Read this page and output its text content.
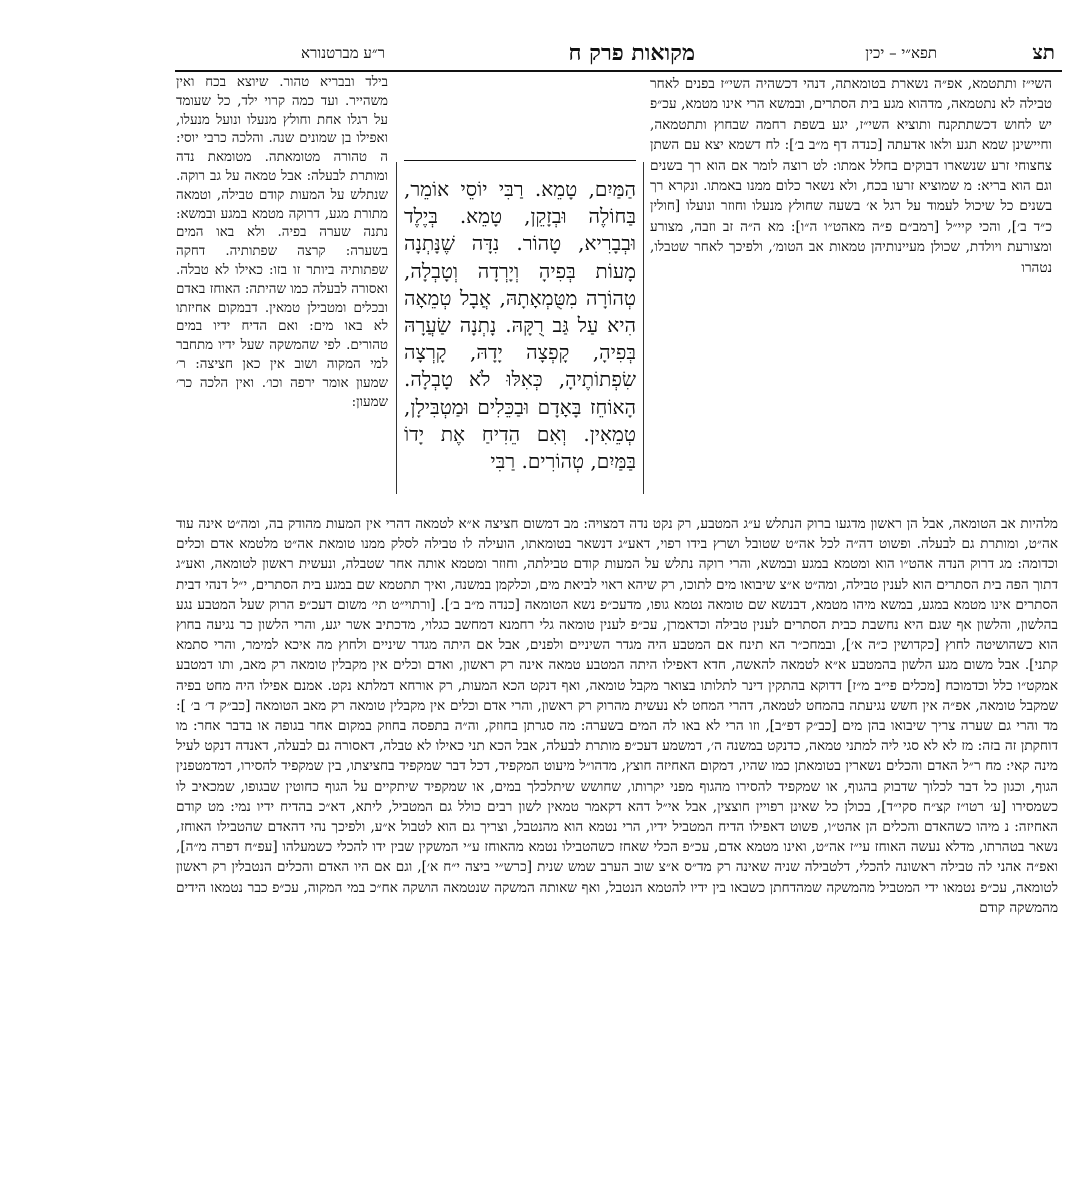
תצ
תפא״י – יכין
מקואות פרק ח
ר״ע מברטנורא

השי״ז ותתטמא, אפ״ה נשארת בטומאתה, דנהי דכשהיה השי״ז בפנים לאחר טבילה לא נתטמאה, מדהוא מגע בית הסתרים, ובמשא הרי אינו מטמא, עכ״פ יש לחוש דכשתתקנח ותוציא השי״ז, יגע בשפת רחמה שבחוץ ותתטמאה, וחיישינן שמא תגע ולאו אדעתה [כנדה דף מ״ב ב׳]: לח דשמא יצא עם השתן צחצוחי זרע שנשארו דבוקים בחלל אמתו: לט רוצה לומר אם הוא רך בשנים וגם הוא בריא: מ שמוציא זרעו בכח, ולא נשאר כלום ממנו באמתו. ונקרא רך בשנים כל שיכול לעמוד על רגל א׳ בשעה שחולץ מנעלו וחוזר ונועלו [חולין כ״ד ב׳], והכי קיי״ל [רמב״ם פ״ה מאהט״ו ה״ו]: מא ה״ה זב וזבה, מצורע ומצורעת ויולדת, שכולן מעיינותיהן טמאות אב הטומ׳, ולפיכך לאחר שטבלו, נטהרו

הַמַּיִם, טָמֵא. רַבִּי יוֹסֵי אוֹמֵר, בַּחוֹלֶה וּבְזָקֵן, טָמֵא. בְּיֶלֶד וּבְבָרִיא, טָהוֹר. נִדָּה שֶׁנָּתְנָה מָעוֹת בְּפִיהָ וְיָרְדָה וְטָבְלָה, טְהוֹרָה מִטֻּמְאָתָהּ, אֲבָל טְמֵאָה הִיא עַל גַּב רֻקָּהּ. נָתְנָה שַׂעֲרָהּ בְּפִיהָ, קָפְצָה יָדָהּ, קָרְצָה שִׂפְתוֹתֶיהָ, כְּאִלּוּ לֹא טָבְלָה. הָאוֹחֵז בָּאָדָם וּבַכֵּלִים וּמַטְבִּילָן, טְמֵאִין. וְאִם הֵדִיחַ אֶת יָדוֹ בַּמַּיִם, טְהוֹרִים. רַבִּי

בילד ובבריא טהור. שיוצא בכח ואין משהייר. ועד כמה קרוי ילד, כל שעומד על רגלו אחת וחולץ מנעלו ונועל מנעלו, ואפילו בן שמונים שנה. והלכה כרבי יוסי: ה טהורה מטומאתה. מטומאת נדה ומותרת לבעלה: אבל טמאה על גב רוקה. שנתלש על המעות קודם טבילה, וטמאה מתורת מגע, דרוקה מטמא במגע ובמשא: נתנה שערה בפיה. ולא באו המים בשערה: קרצה שפתותיה. דחקה שפתותיה ביותר זו בזו: כאילו לא טבלה. ואסורה לבעלה כמו שהיתה: האוחז באדם ובכלים ומטבילן טמאין. דבמקום אחיזתו לא באו מים: ואם הדיח ידיו במים טהורים. לפי שהמשקה שעל ידיו מתחבר למי המקוה ושוב אין כאן חציצה: ר׳ שמעון אומר ירפה וכו׳. ואין הלכה כר׳ שמעון:

מלהיות אב הטומאה, אבל הן ראשון מדגעו ברוק הנתלש ע״ג המטבע, רק נקט נדה דמצויה: מב דמשום חציצה א״א לטמאה דהרי אין המעות מהודק בה, ומה״ט אינה עוד אה״ט, ומותרת גם לבעלה. ופשוט דה״ה לכל אה״ט שטובל ושרץ בידו רפוי, דאע״ג דנשאר בטומאתו, הועילה לו טבילה לסלק ממנו טומאת אה״ט מלטמא אדם וכלים וכדומה: מג דרוק הנדה אהט״ו הוא ומטמא במגע ובמשא, והרי רוקה נתלש על המעות קודם טבילתה, וחוזר ומטמא אותה אחר שטבלה, ונעשית ראשון לטומאה, ואע״ג דתוך הפה בית הסתרים הוא לענין טבילה, ומה״ט א״צ שיבואו מים לתוכו, רק שיהא ראוי לביאת מים, וכלקמן במשנה, ואיך תתטמא שם במגע בית הסתרים, י״ל דנהי דבית הסתרים אינו מטמא במגע, במשא מיהו מטמא, דבנשא שם טומאה נטמא גופו, מדעכ״פ נשא הטומאה [כנדה מ״ב ב׳]. [ורתוי״ט תי׳ משום דעכ״פ הרוק שעל המטבע נגע בהלשון, והלשון אף שגם היא נחשבת כבית הסתרים לענין טבילה וכדאמרן, עכ״פ לענין טומאה גלי רחמנא דמחשב כגלוי, מדכתיב אשר יגע, והרי הלשון כר נגיעה בחוץ הוא כשהושיטה לחוץ [כקדושין כ״ה א׳], ובמחכ״ר הא תינח אם המטבע היה מגדר השיניים ולפנים, אבל אם היתה מגדר שיניים ולחוץ מה איכא למימר, והרי סתמא קתני]. אבל משום מגע הלשון בהמטבע א״א לטמאה להאשה, חדא דאפילו היתה המטבע טמאה אינה רק ראשון, ואדם וכלים אין מקבלין טומאה רק מאב, ותו דמטבע אמקט״ו כלל וכדמוכח [מכלים פי״ב מ״ז] דדוקא בהתקין דינר לתלותו בצואר מקבל טומאה, ואף דנקט הכא המעות, רק אורחא דמלתא נקט. אמנם אפילו היה מחט בפיה שמקבל טומאה, אפ״ה אין חשש נגיעתה בהמחט לטמאה, דהרי המחט לא נעשית מהרוק רק ראשון, והרי אדם וכלים אין מקבלין טומאה רק מאב הטומאה [כב״ק ד׳ ב׳ ]: מד והרי גם שערה צריך שיבואו בהן מים [כב״ק דפ״ב], וזו הרי לא באו לה המים בשערה: מה סגרתן בחוזק, וה״ה בתפסה בחוזק במקום אחר בגופה או בדבר אחר: מו דוחקתן זה בזה: מז לא לא סגי ליה למתני טמאה, כדנקט במשנה ה׳, דמשמע דעכ״פ מותרת לבעלה, אבל הכא תני כאילו לא טבלה, דאסורה גם לבעלה, דאנדה דנקט לעיל מינה קאי: מח ר״ל האדם והכלים נשארין בטומאתן כמו שהיו, דמקום האחיזה חוצץ, מדהו״ל מיעוט המקפיד, דכל דבר שמקפיד בחציצתו, בין שמקפיד להסירו, דמדמטפנין הגוף, וכגון כל דבר לכלוך שדבוק בהגוף, או שמקפיד להסירו מהגוף מפני יקרותו, שחושש שיתלכלך במים, או שמקפיד שיתקיים על הגוף כחוטין שבגופו, שמכאיב לו כשמסירו [ע׳ רטו״ז קצ״ח סקי״ד], בכולן כל שאינן רפויין חוצצין, אבל אי״ל דהא דקאמר טמאין לשון רבים כולל גם המטביל, ליתא, דא״כ בהדיח ידיו נמי: מט קודם האחיזה: נ מיהו כשהאדם והכלים הן אהט״ו, פשוט דאפילו הדיח המטביל ידיו, הרי נטמא הוא מהנטבל, וצריך גם הוא לטבול א״ע, ולפיכך נהי דהאדם שהטבילו האוחז, נשאר בטהרתו, מדלא נעשה האוחז עי״ז אה״ט, ואינו מטמא אדם, עכ״פ הכלי שאחז כשהטבילו נטמא מהאוחז ע״י המשקין שבין ידו להכלי כשמעלהו [עפ״ח דפרה מ״ה], ואפ״ה אהני לה טבילה ראשונה להכלי, דלטבילה שניה שאינה רק מד״ס א״צ שוב הערב שמש שנית [כרש״י ביצה י״ח א׳], וגם אם היו האדם והכלים הנטבלין רק ראשון לטומאה, עכ״פ נטמאו ידי המטביל מהמשקה שמהדחתן כשבאו בין ידיו להטמא הנטבל, ואף שאותה המשקה שנטמאה הושקה אח״כ במי המקוה, עכ״פ כבר נטמאו הידים מהמשקה קודם
